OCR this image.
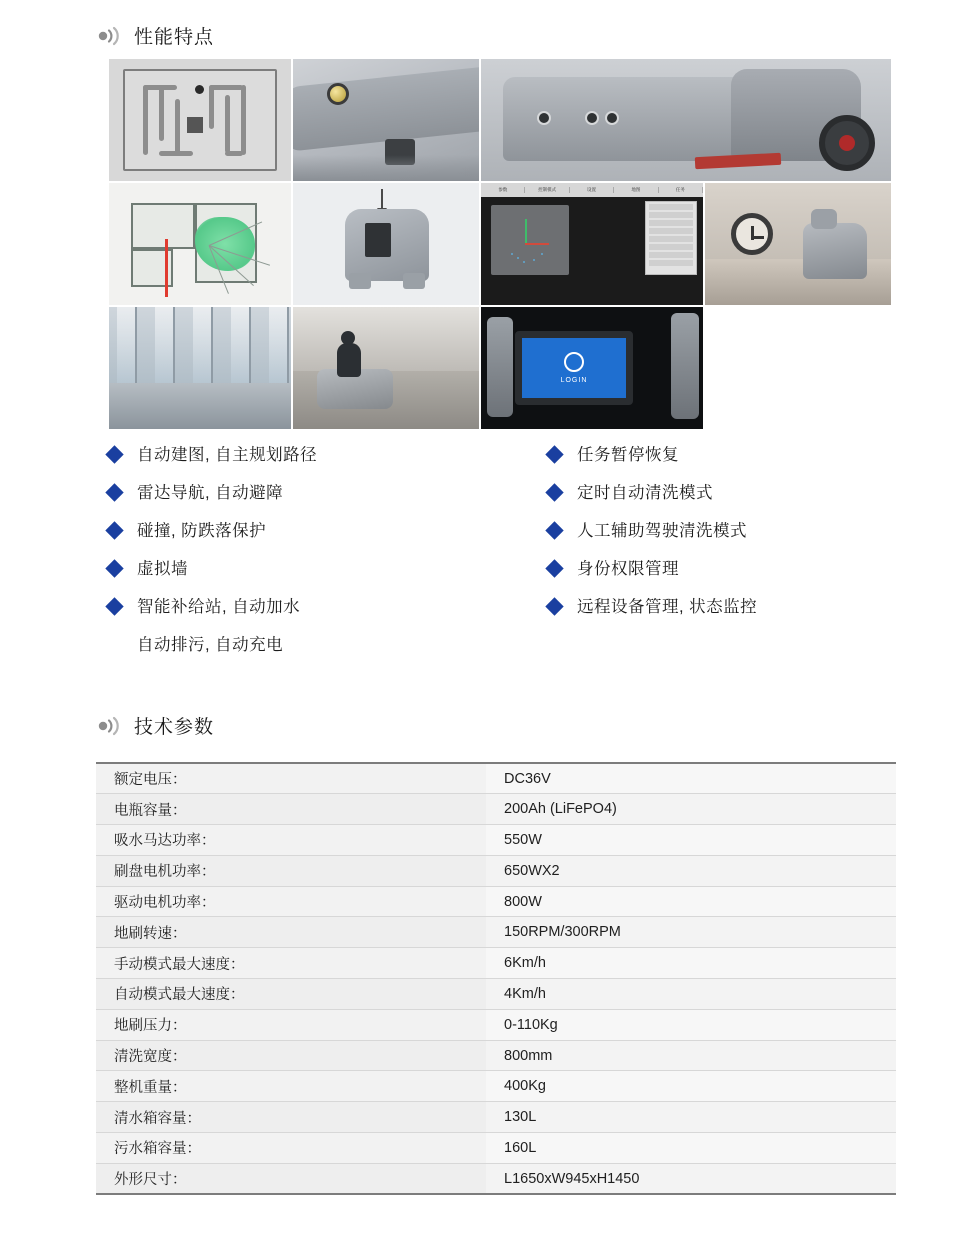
性能特点
参数	控制模式	设置	地图	任务
LOGIN
自动建图, 自主规划路径	任务暂停恢复
雷达导航, 自动避障	定时自动清洗模式
碰撞, 防跌落保护	人工辅助驾驶清洗模式
虚拟墙	身份权限管理
智能补给站, 自动加水	远程设备管理, 状态监控
自动排污, 自动充电
技术参数
额定电压：	DC36V
电瓶容量：	200Ah (LiFePO4)
吸水马达功率：	550W
刷盘电机功率：	650WX2
驱动电机功率：	800W
地刷转速：	150RPM/300RPM
手动模式最大速度：	6Km/h
自动模式最大速度：	4Km/h
地刷压力：	0-110Kg
清洗宽度：	800mm
整机重量：	400Kg
清水箱容量：	130L
污水箱容量：	160L
外形尺寸：	L1650xW945xH1450
